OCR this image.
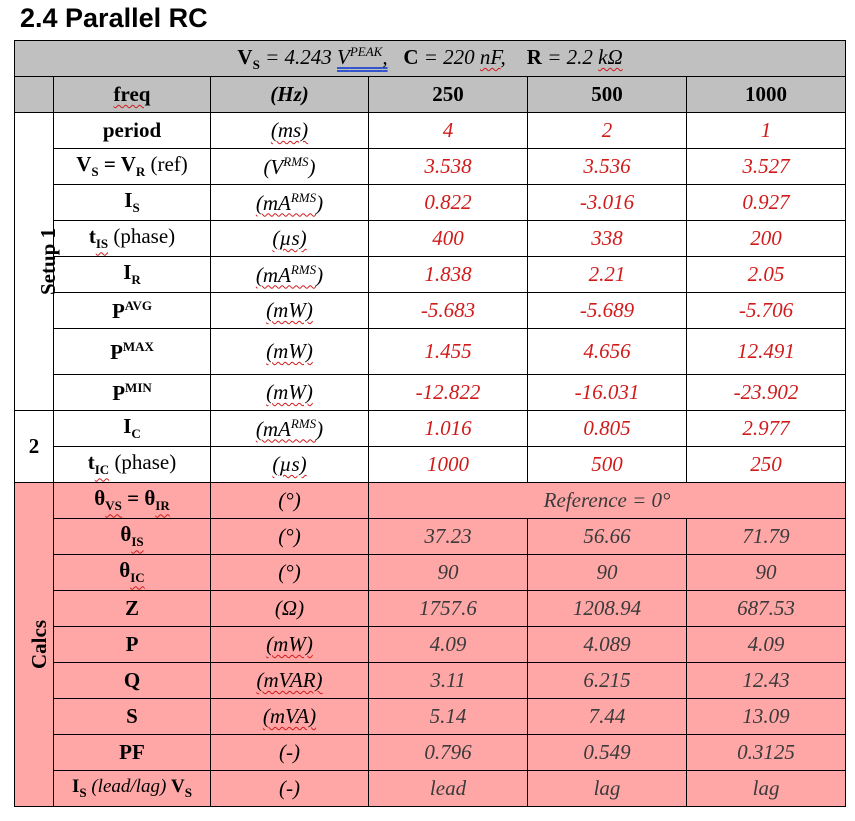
2.4 Parallel RC
$V_S = 4.243$ $V^{PEAK}$, C = 220 nF, R = 2.2 kΩ					
	freq	(Hz)	250	500	1000
Setup 1	period	(ms)	4	2	1
	$V_S = V_R$ (ref)	$(V^{RMS})$	3.538	3.536	3.527
	$I_S$	$(mA^{RMS})$	0.822	-3.016	0.927
	$t_{IS}$ (phase)	(µs)	400	338	200
	$I_R$	$(mA^{RMS})$	1.838	2.21	2.05
	$P^{AVG}$	(mW)	-5.683	-5.689	-5.706
	$P^{MAX}$	(mW)	1.455	4.656	12.491
	$P^{MIN}$	(mW)	-12.822	-16.031	-23.902
2	$I_C$	$(mA^{RMS})$	1.016	0.805	2.977
	$t_{IC}$ (phase)	(µs)	1000	500	250
Calcs	$\theta_{VS} = \theta_{IR}$	(°)	Reference = 0°		
	$\theta_{IS}$	(°)	37.23	56.66	71.79
	$\theta_{IC}$	(°)	90	90	90
	Z	(Ω)	1757.6	1208.94	687.53
	P	(mW)	4.09	4.089	4.09
	Q	(mVAR)	3.11	6.215	12.43
	S	(mVA)	5.14	7.44	13.09
	PF	(-)	0.796	0.549	0.3125
	$I_S$ (lead/lag) $V_S$	(-)	lead	lag	lag
